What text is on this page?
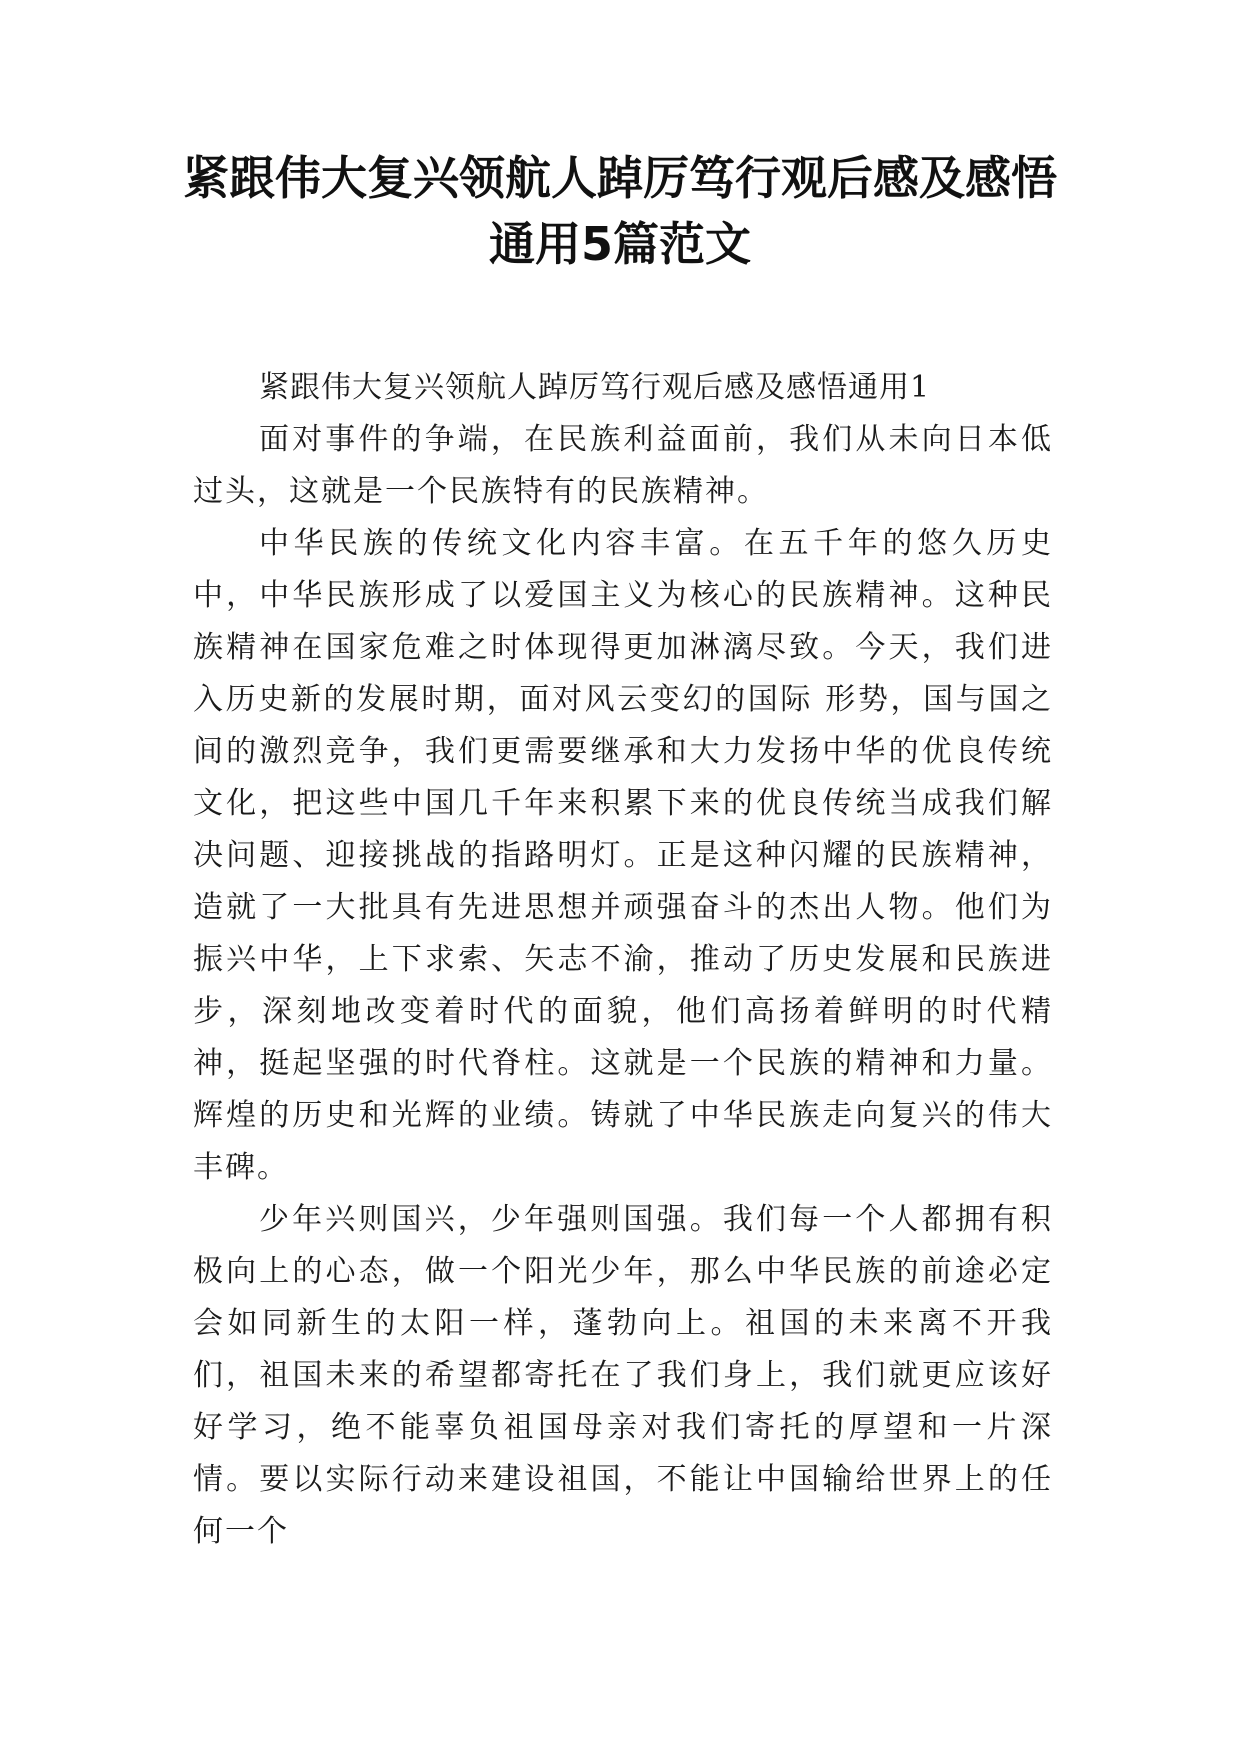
紧跟伟大复兴领航人踔厉笃行观后感及感悟通用5篇范文

紧跟伟大复兴领航人踔厉笃行观后感及感悟通用1

面对事件的争端，在民族利益面前，我们从未向日本低过头，这就是一个民族特有的民族精神。

中华民族的传统文化内容丰富。在五千年的悠久历史中，中华民族形成了以爱国主义为核心的民族精神。这种民族精神在国家危难之时体现得更加淋漓尽致。今天，我们进入历史新的发展时期，面对风云变幻的国际 形势，国与国之间的激烈竞争，我们更需要继承和大力发扬中华的优良传统文化，把这些中国几千年来积累下来的优良传统当成我们解决问题、迎接挑战的指路明灯。正是这种闪耀的民族精神，造就了一大批具有先进思想并顽强奋斗的杰出人物。他们为振兴中华，上下求索、矢志不渝，推动了历史发展和民族进步，深刻地改变着时代的面貌，他们高扬着鲜明的时代精神，挺起坚强的时代脊柱。这就是一个民族的精神和力量。辉煌的历史和光辉的业绩。铸就了中华民族走向复兴的伟大丰碑。

少年兴则国兴，少年强则国强。我们每一个人都拥有积极向上的心态，做一个阳光少年，那么中华民族的前途必定会如同新生的太阳一样，蓬勃向上。祖国的未来离不开我们，祖国未来的希望都寄托在了我们身上，我们就更应该好好学习，绝不能辜负祖国母亲对我们寄托的厚望和一片深情。要以实际行动来建设祖国，不能让中国输给世界上的任何一个
